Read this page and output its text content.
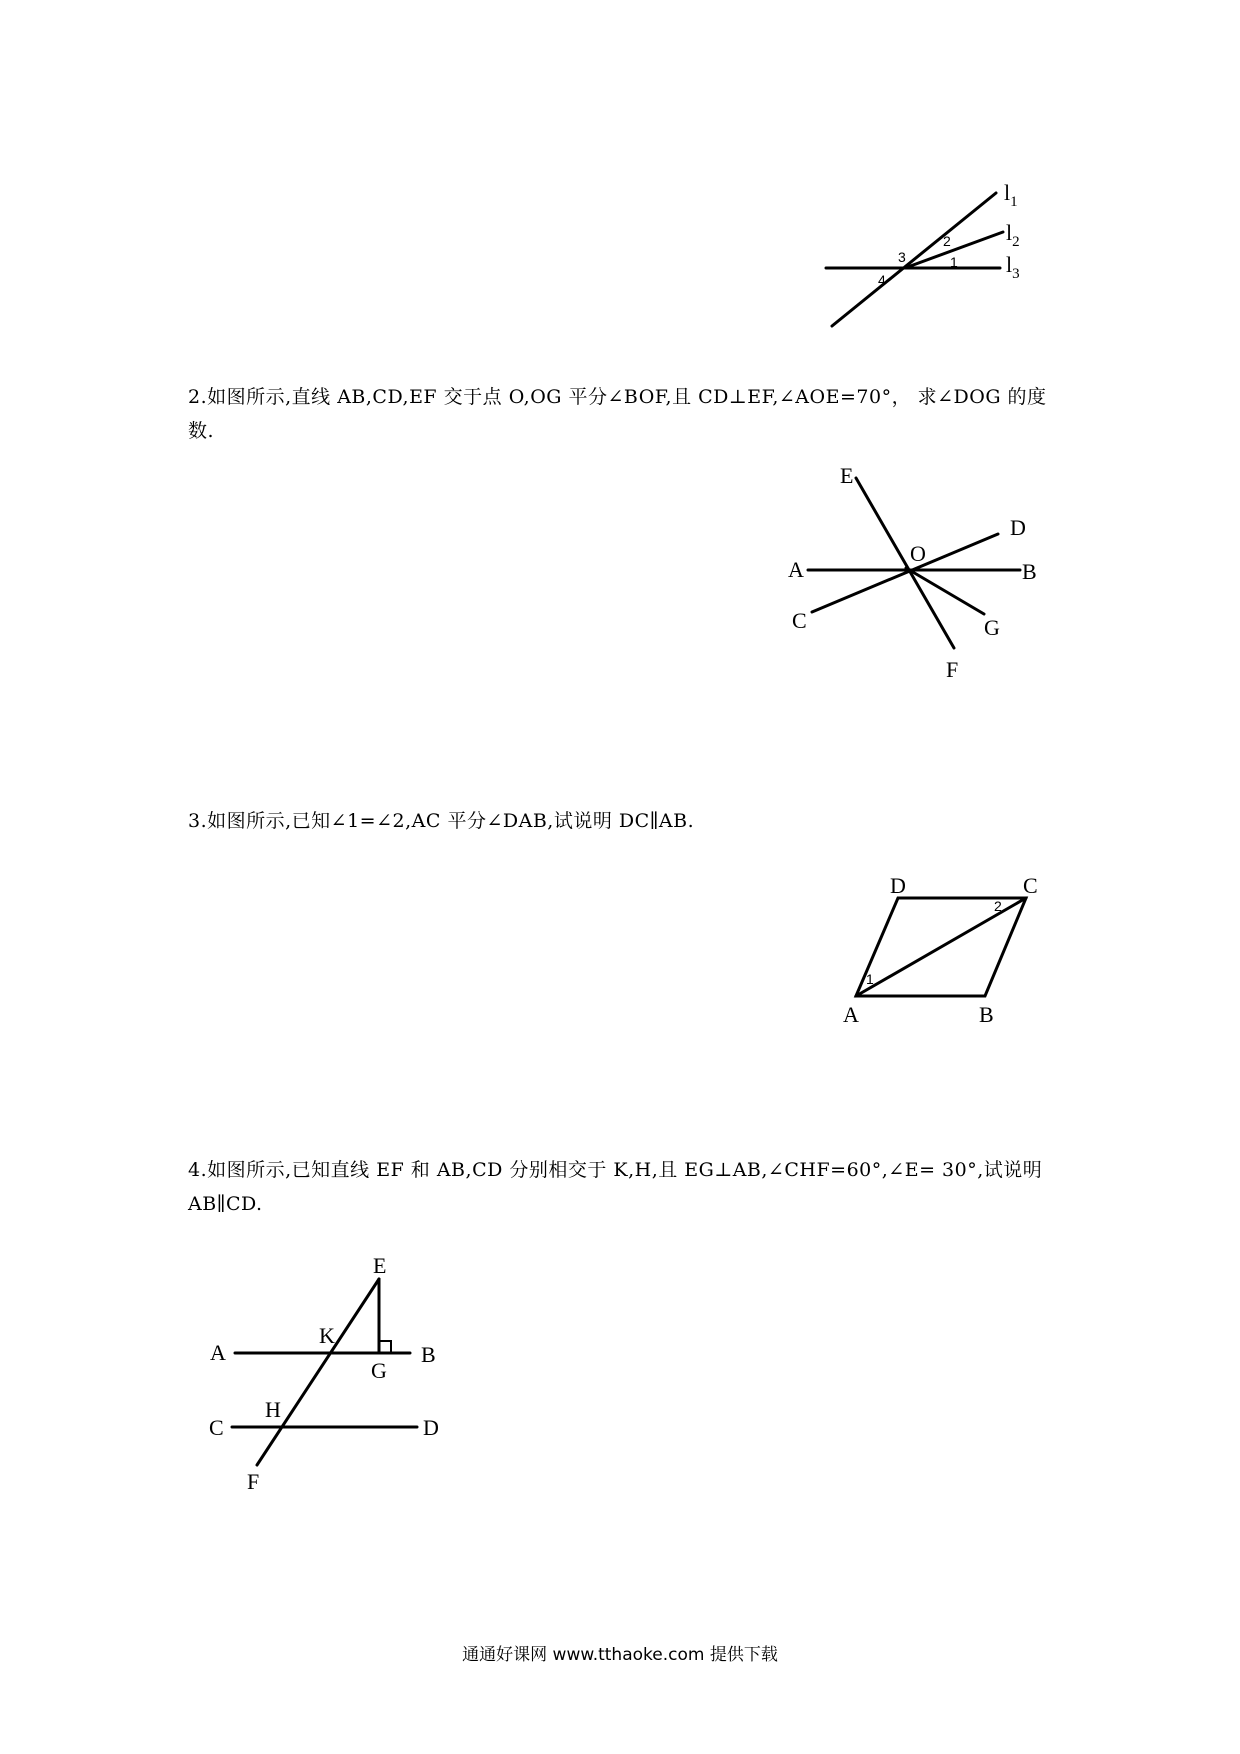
$l_1$
$l_2$
$l_3$
1
2
3
4

2.如图所示,直线 AB,CD,EF 交于点 O,OG 平分∠BOF,且 CD⊥EF,∠AOE=70°， 求∠DOG 的度数.

E
D
A
O
B
C	G
F

3.如图所示,已知∠1=∠2,AC 平分∠DAB,试说明 DC∥AB.

D	C
A	B
1
2

4.如图所示,已知直线 EF 和 AB,CD 分别相交于 K,H,且 EG⊥AB,∠CHF=60°,∠E= 30°,试说明 AB∥CD.

E
A
K
G
B
H
C	D
F
通通好课网 www.tthaoke.com 提供下载
